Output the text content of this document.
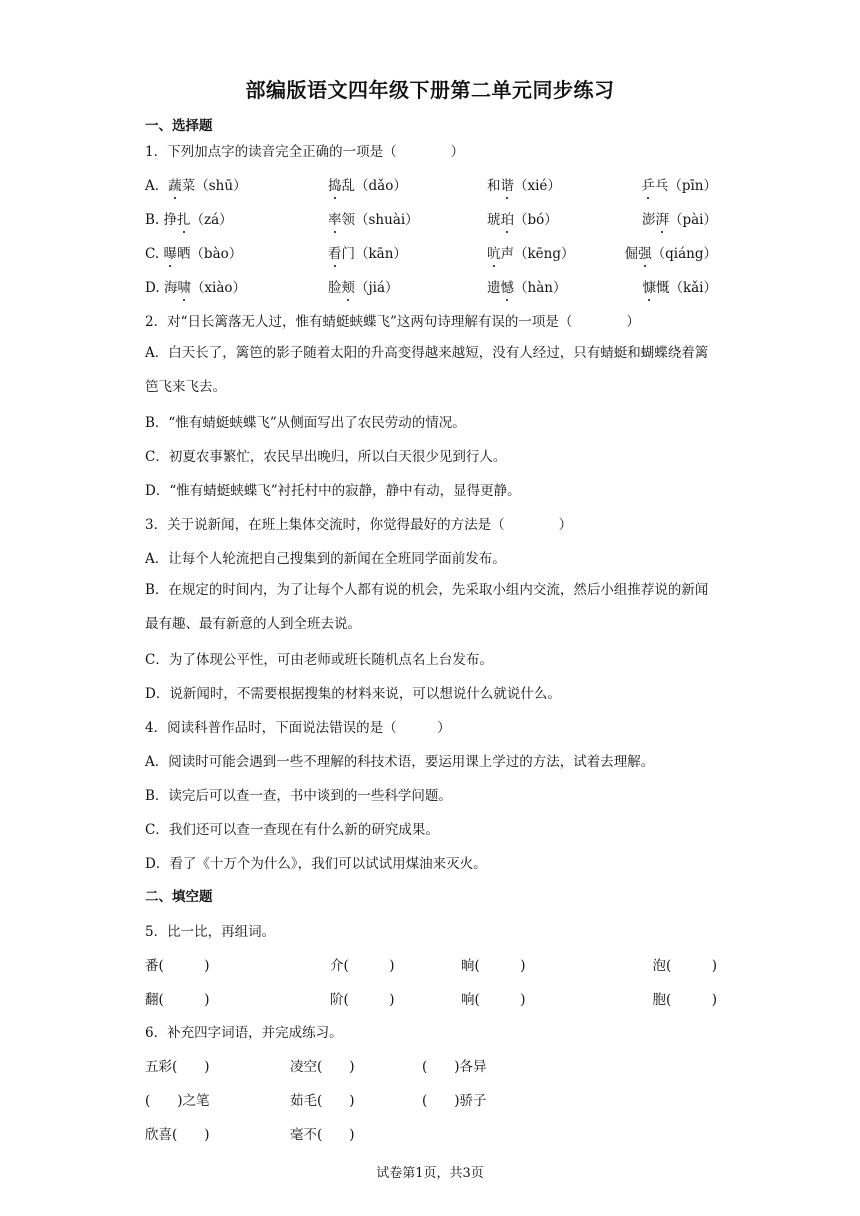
部编版语文四年级下册第二单元同步练习
一、选择题
1．下列加点字的读音完全正确的一项是（　　　　）
A．蔬菜（shū）	捣乱（dǎo）	和谐（xié）	乒乓（pīn）
B. 挣扎（zá）	率领（shuài）	琥珀（bó）	澎湃（pài）
C. 曝晒（bào）	看门（kān）	吭声（kēng）	倔强（qiáng）
D. 海啸（xiào）	脸颊（jiá）	遗憾（hàn）	慷慨（kǎi）
2．对“日长篱落无人过，惟有蜻蜓蛱蝶飞”这两句诗理解有误的一项是（　　　　）
A．白天长了，篱笆的影子随着太阳的升高变得越来越短，没有人经过，只有蜻蜓和蝴蝶绕着篱笆飞来飞去。
B．“惟有蜻蜓蛱蝶飞”从侧面写出了农民劳动的情况。
C．初夏农事繁忙，农民早出晚归，所以白天很少见到行人。
D．“惟有蜻蜓蛱蝶飞”衬托村中的寂静，静中有动，显得更静。
3．关于说新闻，在班上集体交流时，你觉得最好的方法是（　　　　）
A．让每个人轮流把自己搜集到的新闻在全班同学面前发布。
B．在规定的时间内，为了让每个人都有说的机会，先采取小组内交流，然后小组推荐说的新闻最有趣、最有新意的人到全班去说。
C．为了体现公平性，可由老师或班长随机点名上台发布。
D．说新闻时，不需要根据搜集的材料来说，可以想说什么就说什么。
4．阅读科普作品时，下面说法错误的是（　　　）
A．阅读时可能会遇到一些不理解的科技术语，要运用课上学过的方法，试着去理解。
B．读完后可以查一查，书中谈到的一些科学问题。
C．我们还可以查一查现在有什么新的研究成果。
D．看了《十万个为什么》，我们可以试试用煤油来灭火。
二、填空题
5．比一比，再组词。
番(　　　)	介(　　　)	晌(　　　)	泡(　　　)
翻(　　　)	阶(　　　)	响(　　　)	胞(　　　)
6．补充四字词语，并完成练习。
五彩(　　)	凌空(　　)	(　　)各异
(　　)之笔	茹毛(　　)	(　　)骄子
欣喜(　　)	毫不(　　)
试卷第1页，共3页
